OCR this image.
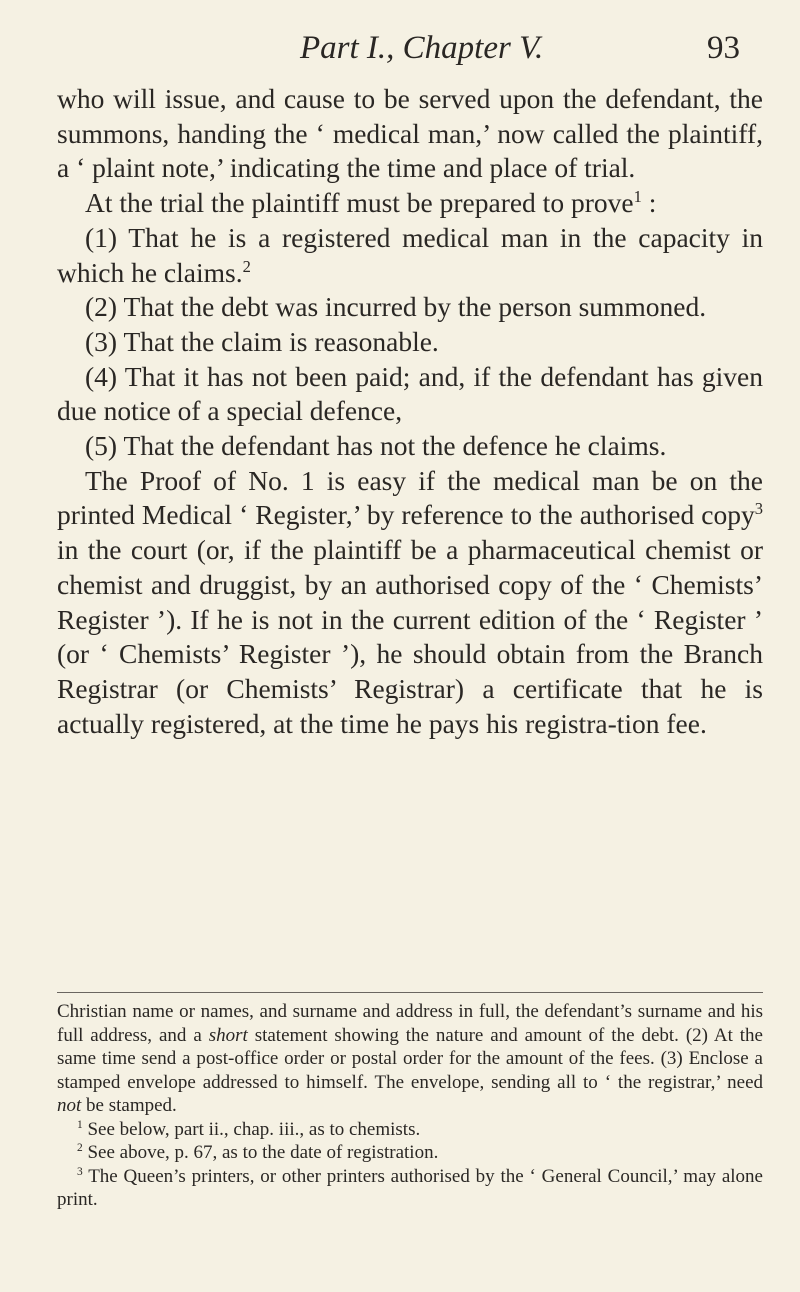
Part I., Chapter V.	93

who will issue, and cause to be served upon the defendant, the summons, handing the ‘ medical man,’ now called the plaintiff, a ‘ plaint note,’ indicating the time and place of trial.

At the trial the plaintiff must be prepared to prove$^1$ :

(1) That he is a registered medical man in the capacity in which he claims.$^2$

(2) That the debt was incurred by the person summoned.

(3) That the claim is reasonable.

(4) That it has not been paid; and, if the defendant has given due notice of a special defence,

(5) That the defendant has not the defence he claims.

The Proof of No. 1 is easy if the medical man be on the printed Medical ‘ Register,’ by reference to the authorised copy$^3$ in the court (or, if the plaintiff be a pharmaceutical chemist or chemist and druggist, by an authorised copy of the ‘ Chemists’ Register ’). If he is not in the current edition of the ‘ Register ’ (or ‘ Chemists’ Register ’), he should obtain from the Branch Registrar (or Chemists’ Registrar) a certificate that he is actually registered, at the time he pays his registra-tion fee.

Christian name or names, and surname and address in full, the defendant’s surname and his full address, and a short statement showing the nature and amount of the debt. (2) At the same time send a post-office order or postal order for the amount of the fees. (3) Enclose a stamped envelope addressed to himself. The envelope, sending all to ‘ the registrar,’ need not be stamped.

$^1$ See below, part ii., chap. iii., as to chemists.

$^2$ See above, p. 67, as to the date of registration.

$^3$ The Queen’s printers, or other printers authorised by the ‘ General Council,’ may alone print.
